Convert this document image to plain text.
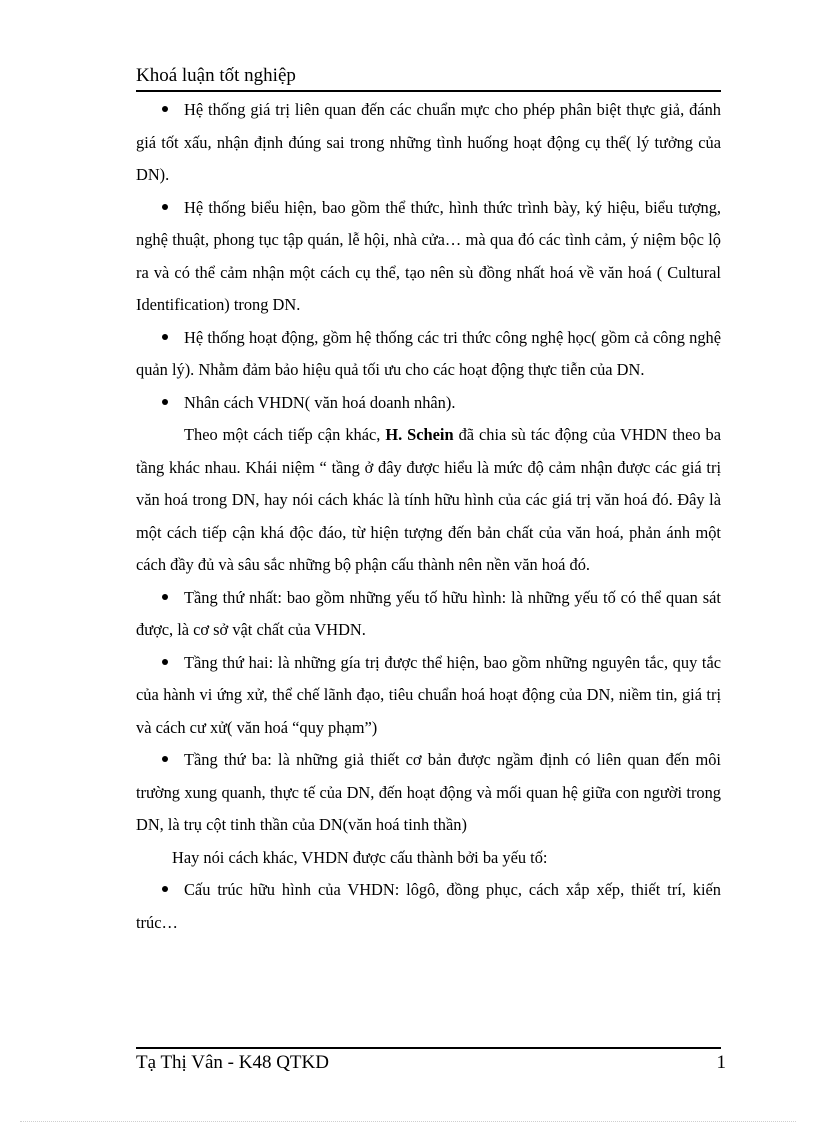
Khoá luận tốt nghiệp

Hệ thống giá trị liên quan đến các chuẩn mực cho phép phân biệt thực giả, đánh giá tốt xấu, nhận định đúng sai trong những tình huống hoạt động cụ thể( lý tưởng của DN).

Hệ thống biểu hiện, bao gồm thể thức, hình thức trình bày, ký hiệu, biểu tượng, nghệ thuật, phong tục tập quán, lễ hội, nhà cửa… mà qua đó các tình cảm, ý niệm bộc lộ ra và có thể cảm nhận một cách cụ thể, tạo nên sù đồng nhất hoá về văn hoá ( Cultural Identification) trong DN.

Hệ thống hoạt động, gồm hệ thống các tri thức công nghệ học( gồm cả công nghệ quản lý). Nhằm đảm bảo hiệu quả tối ưu cho các hoạt động thực tiễn của DN.

Nhân cách VHDN( văn hoá doanh nhân).

Theo một cách tiếp cận khác, H. Schein đã chia sù tác động của VHDN theo ba tầng khác nhau. Khái niệm “ tầng ở đây được hiểu là mức độ cảm nhận được các giá trị văn hoá trong DN, hay nói cách khác là tính hữu hình của các giá trị văn hoá đó. Đây là một cách tiếp cận khá độc đáo, từ hiện tượng đến bản chất của văn hoá, phản ánh một cách đầy đủ và sâu sắc những bộ phận cấu thành nên nền văn hoá đó.

Tầng thứ nhất: bao gồm những yếu tố hữu hình: là những yếu tố có thể quan sát được, là cơ sở vật chất của VHDN.

Tầng thứ hai: là những gía trị được thể hiện, bao gồm những nguyên tắc, quy tắc của hành vi ứng xử, thể chế lãnh đạo, tiêu chuẩn hoá hoạt động của DN, niềm tin, giá trị và cách cư xử( văn hoá “quy phạm”)

Tầng thứ ba: là những giả thiết cơ bản được ngầm định có liên quan đến môi trường xung quanh, thực tế của DN, đến hoạt động và mối quan hệ giữa con người trong DN, là trụ cột tinh thần của DN(văn hoá tinh thần)

Hay nói cách khác, VHDN được cấu thành bởi ba yếu tố:

Cấu trúc hữu hình của VHDN: lôgô, đồng phục, cách xắp xếp, thiết trí, kiến trúc…

Tạ Thị Vân - K48 QTKD	1
